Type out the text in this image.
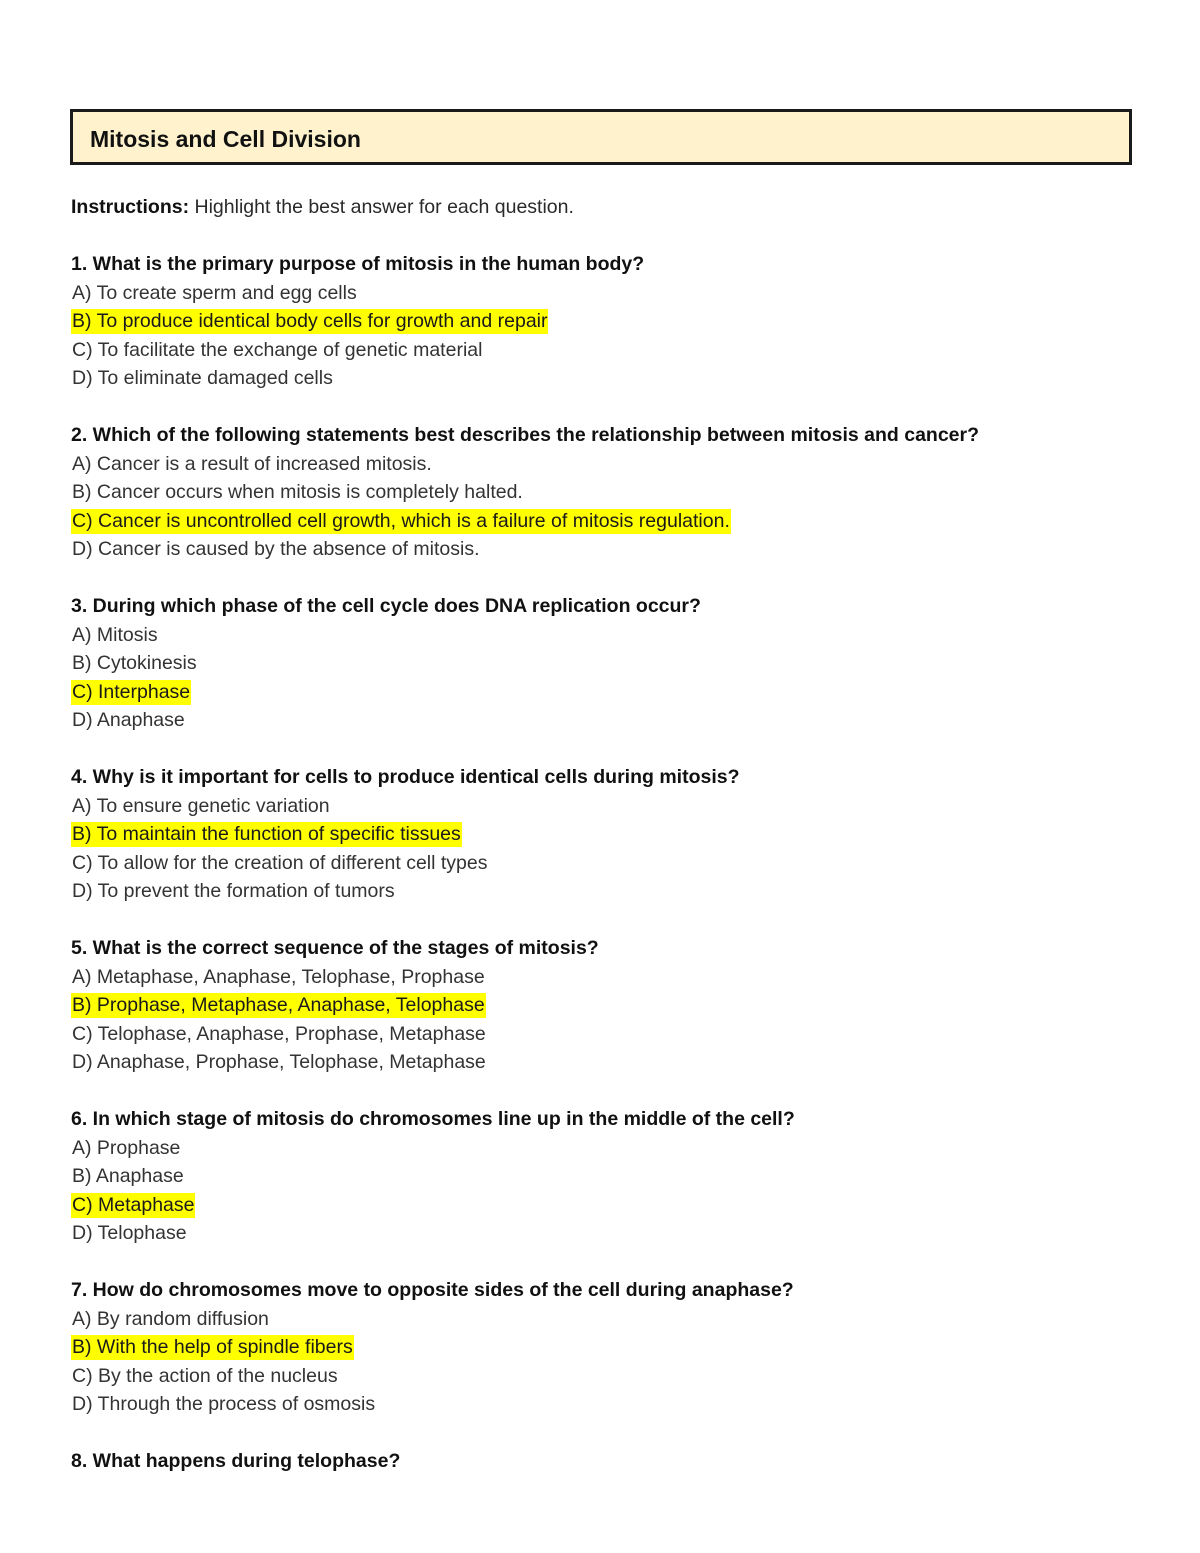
Mitosis and Cell Division
Instructions: Highlight the best answer for each question.
1. What is the primary purpose of mitosis in the human body?
A) To create sperm and egg cells
B) To produce identical body cells for growth and repair
C) To facilitate the exchange of genetic material
D) To eliminate damaged cells
2. Which of the following statements best describes the relationship between mitosis and cancer?
A) Cancer is a result of increased mitosis.
B) Cancer occurs when mitosis is completely halted.
C) Cancer is uncontrolled cell growth, which is a failure of mitosis regulation.
D) Cancer is caused by the absence of mitosis.
3. During which phase of the cell cycle does DNA replication occur?
A) Mitosis
B) Cytokinesis
C) Interphase
D) Anaphase
4. Why is it important for cells to produce identical cells during mitosis?
A) To ensure genetic variation
B) To maintain the function of specific tissues
C) To allow for the creation of different cell types
D) To prevent the formation of tumors
5. What is the correct sequence of the stages of mitosis?
A) Metaphase, Anaphase, Telophase, Prophase
B) Prophase, Metaphase, Anaphase, Telophase
C) Telophase, Anaphase, Prophase, Metaphase
D) Anaphase, Prophase, Telophase, Metaphase
6. In which stage of mitosis do chromosomes line up in the middle of the cell?
A) Prophase
B) Anaphase
C) Metaphase
D) Telophase
7. How do chromosomes move to opposite sides of the cell during anaphase?
A) By random diffusion
B) With the help of spindle fibers
C) By the action of the nucleus
D) Through the process of osmosis
8. What happens during telophase?
